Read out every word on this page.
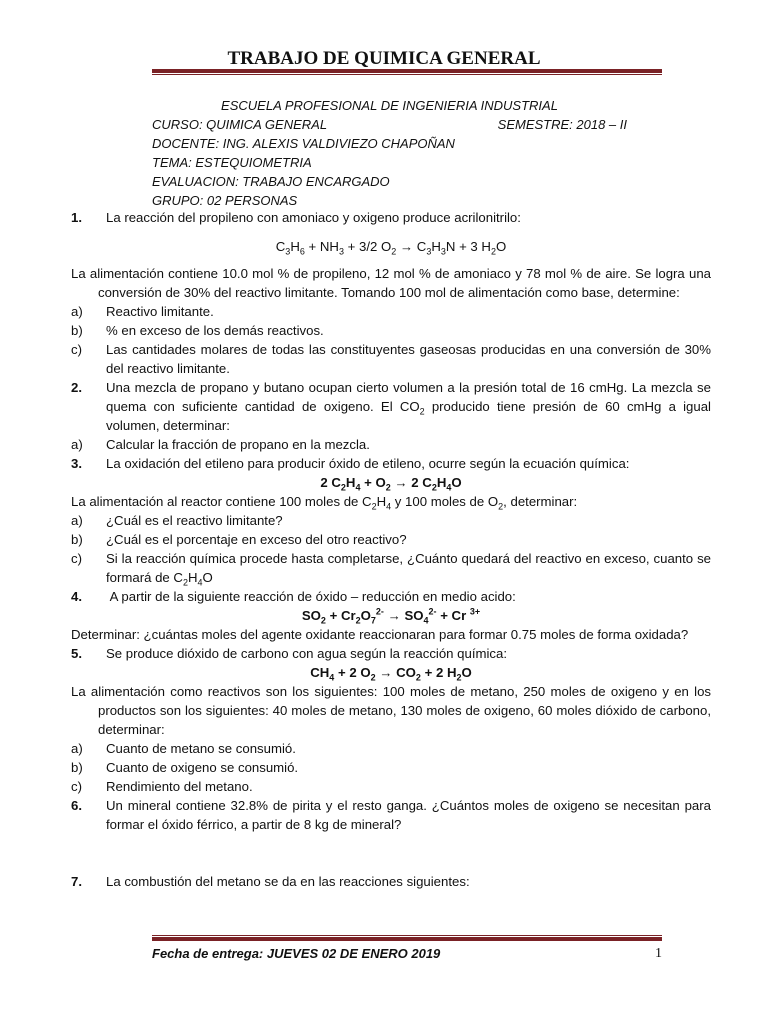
TRABAJO DE QUIMICA GENERAL
ESCUELA PROFESIONAL DE INGENIERIA INDUSTRIAL
CURSO: QUIMICA GENERAL	SEMESTRE: 2018 – II
DOCENTE: ING. ALEXIS VALDIVIEZO CHAPOÑAN
TEMA: ESTEQUIOMETRIA
EVALUACION: TRABAJO ENCARGADO
GRUPO: 02 PERSONAS
1.	La reacción del propileno con amoniaco y oxigeno produce acrilonitrilo:
$C_3H_6 + NH_3 + 3/2$ $O_2 \to C_3H_3N + 3$ $H_2O$

La alimentación contiene 10.0 mol % de propileno, 12 mol % de amoniaco y 78 mol % de aire. Se logra una conversión de 30% del reactivo limitante. Tomando 100 mol de alimentación como base, determine:

a)	Reactivo limitante.
b)	% en exceso de los demás reactivos.
c)	Las cantidades molares de todas las constituyentes gaseosas producidas en una conversión de 30% del reactivo limitante.
2.	Una mezcla de propano y butano ocupan cierto volumen a la presión total de 16 cmHg. La mezcla se quema con suficiente cantidad de oxigeno. El $CO_2$ producido tiene presión de 60 cmHg a igual volumen, determinar:
a)	Calcular la fracción de propano en la mezcla.
3.	La oxidación del etileno para producir óxido de etileno, ocurre según la ecuación química:
2 $C_2H_4 + O_2 \to 2$ $C_2H_4O$

La alimentación al reactor contiene 100 moles de $C_2H_4$ y 100 moles de $O_2$, determinar:

a)	¿Cuál es el reactivo limitante?
b)	¿Cuál es el porcentaje en exceso del otro reactivo?
c)	Si la reacción química procede hasta completarse, ¿Cuánto quedará del reactivo en exceso, cuanto se formará de $C_2H_4O$
4.	A partir de la siguiente reacción de óxido – reducción en medio acido:
$SO_2 + Cr_2O_7^{2-} \to SO_4^{2-} + Cr$ $^{3+}$

Determinar: ¿cuántas moles del agente oxidante reaccionaran para formar 0.75 moles de forma oxidada?

5.	Se produce dióxido de carbono con agua según la reacción química:
$CH_4 + 2$ $O_2 \to CO_2 + 2$ $H_2O$

La alimentación como reactivos son los siguientes: 100 moles de metano, 250 moles de oxigeno y en los productos son los siguientes: 40 moles de metano, 130 moles de oxigeno, 60 moles dióxido de carbono, determinar:

a)	Cuanto de metano se consumió.
b)	Cuanto de oxigeno se consumió.
c)	Rendimiento del metano.
6.	Un mineral contiene 32.8% de pirita y el resto ganga. ¿Cuántos moles de oxigeno se necesitan para formar el óxido férrico, a partir de 8 kg de mineral?
7.	La combustión del metano se da en las reacciones siguientes:
Fecha de entrega: JUEVES 02 DE ENERO 2019	1
